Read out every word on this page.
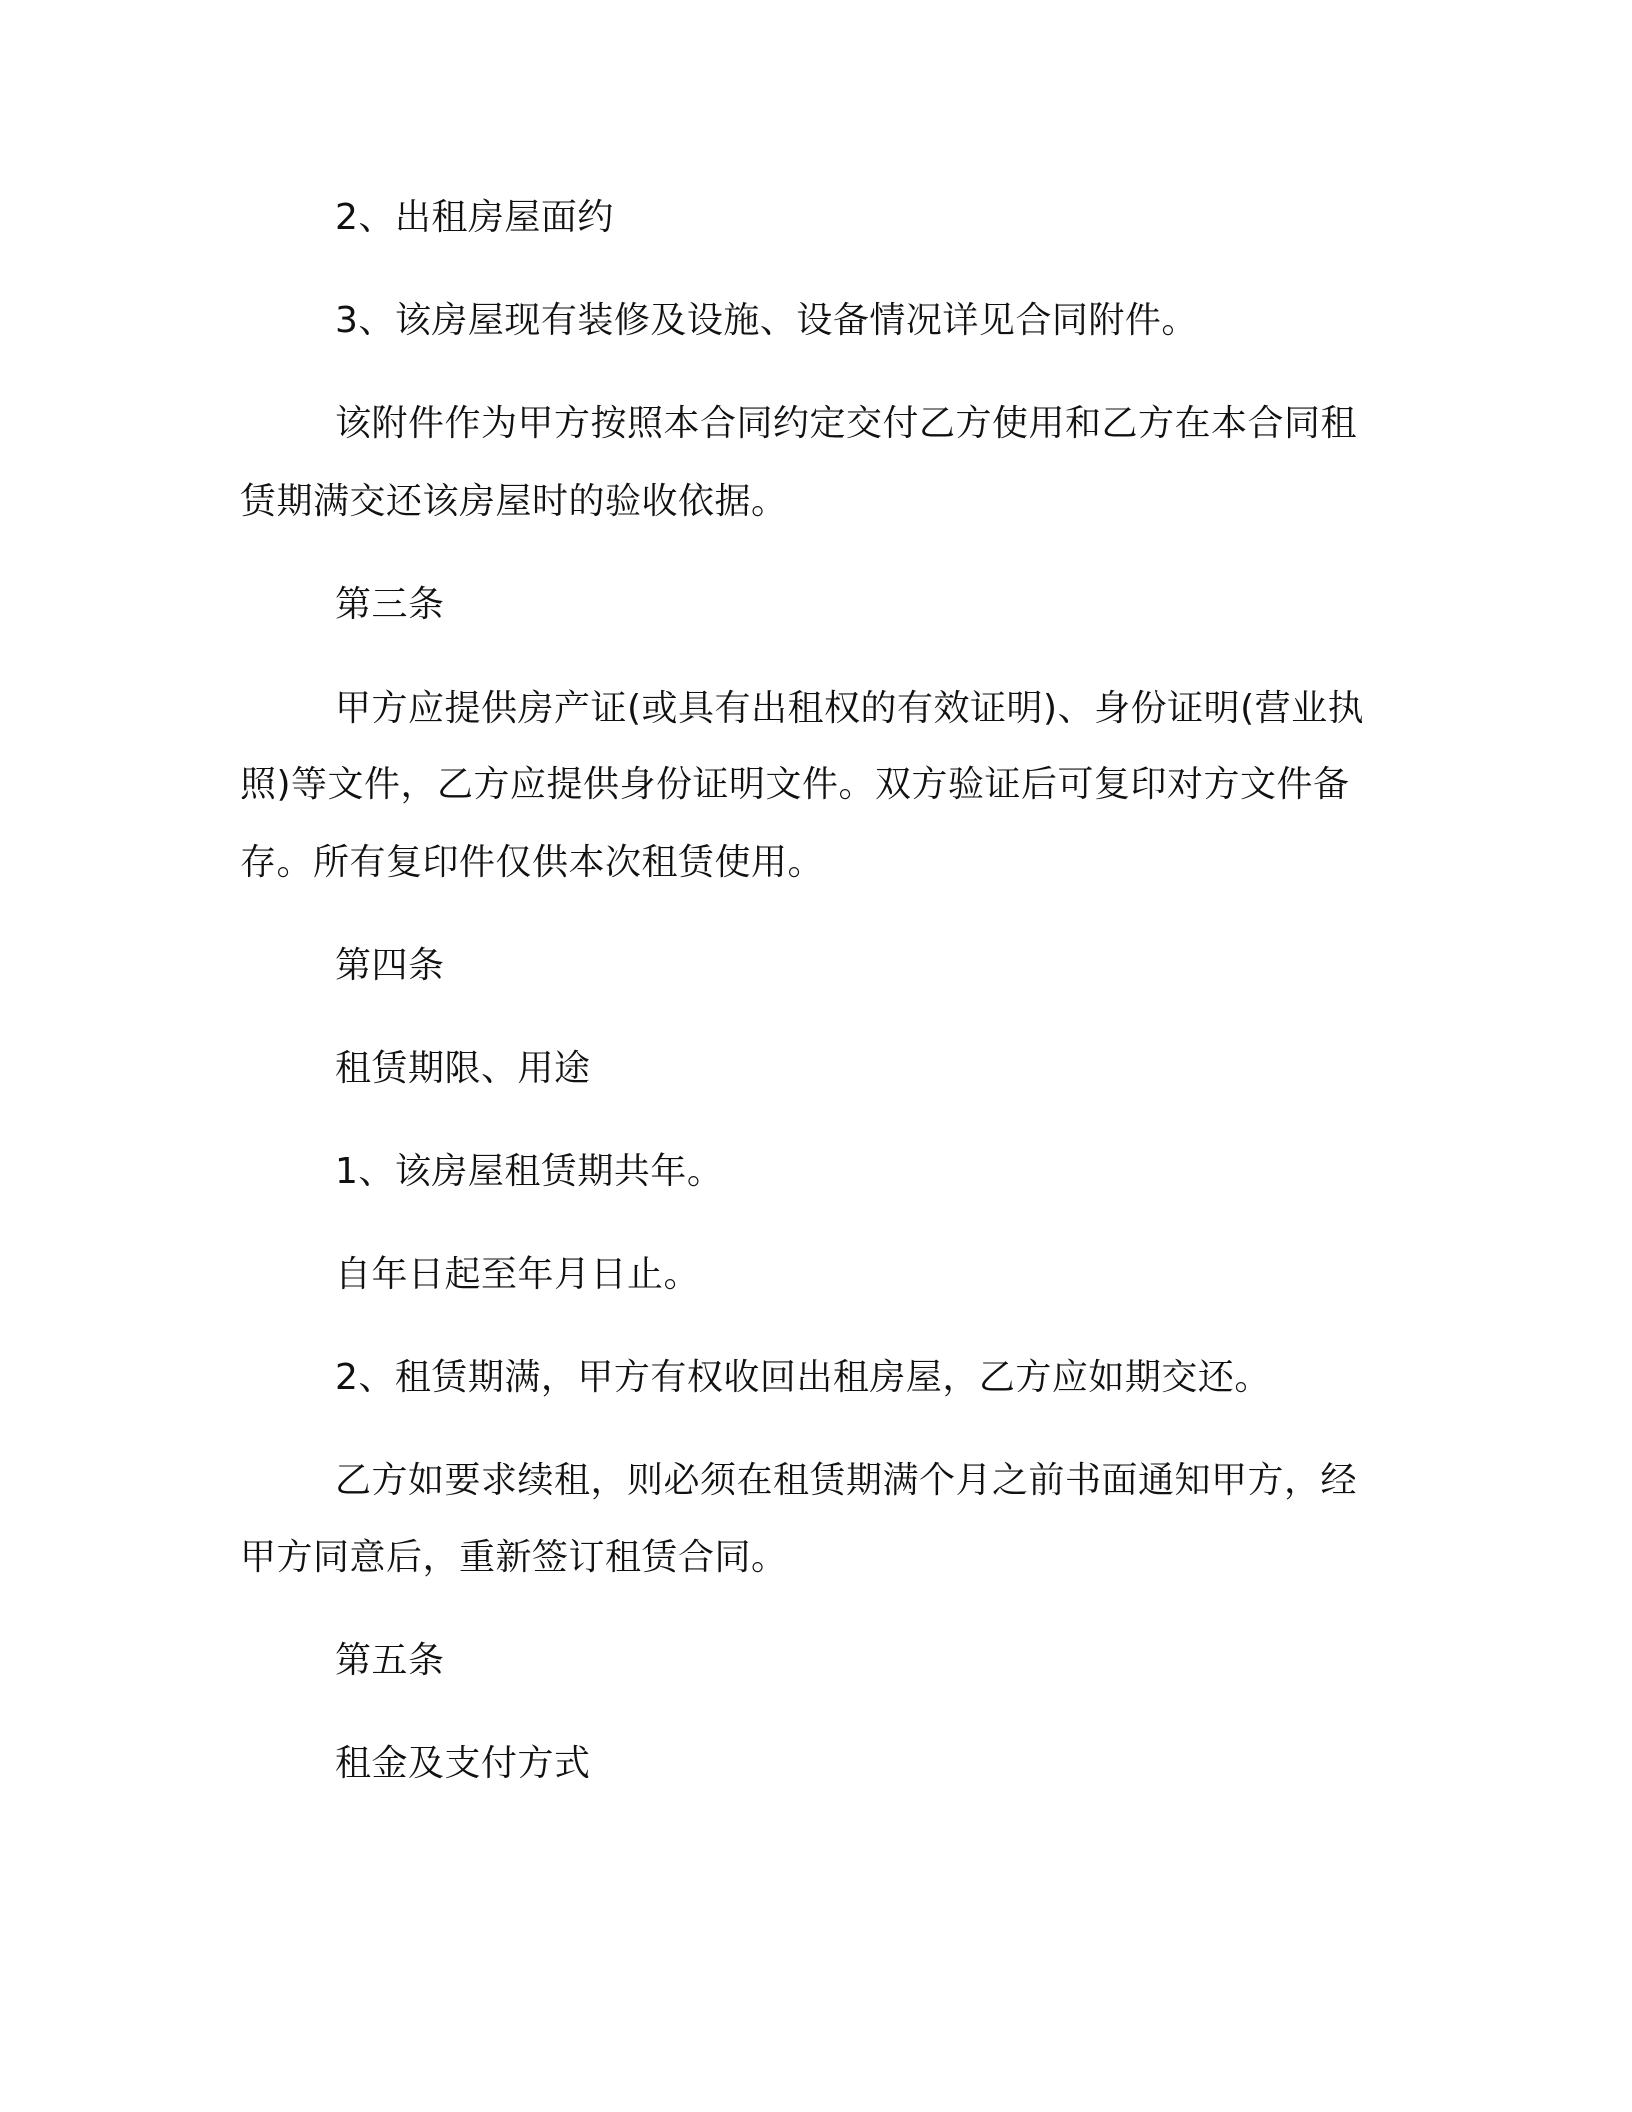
2、出租房屋面约
3、该房屋现有装修及设施、设备情况详见合同附件。
该附件作为甲方按照本合同约定交付乙方使用和乙方在本合同租
赁期满交还该房屋时的验收依据。
第三条
甲方应提供房产证(或具有出租权的有效证明)、身份证明(营业执
照)等文件，乙方应提供身份证明文件。双方验证后可复印对方文件备
存。所有复印件仅供本次租赁使用。
第四条
租赁期限、用途
1、该房屋租赁期共年。
自年日起至年月日止。
2、租赁期满，甲方有权收回出租房屋，乙方应如期交还。
乙方如要求续租，则必须在租赁期满个月之前书面通知甲方，经
甲方同意后，重新签订租赁合同。
第五条
租金及支付方式
